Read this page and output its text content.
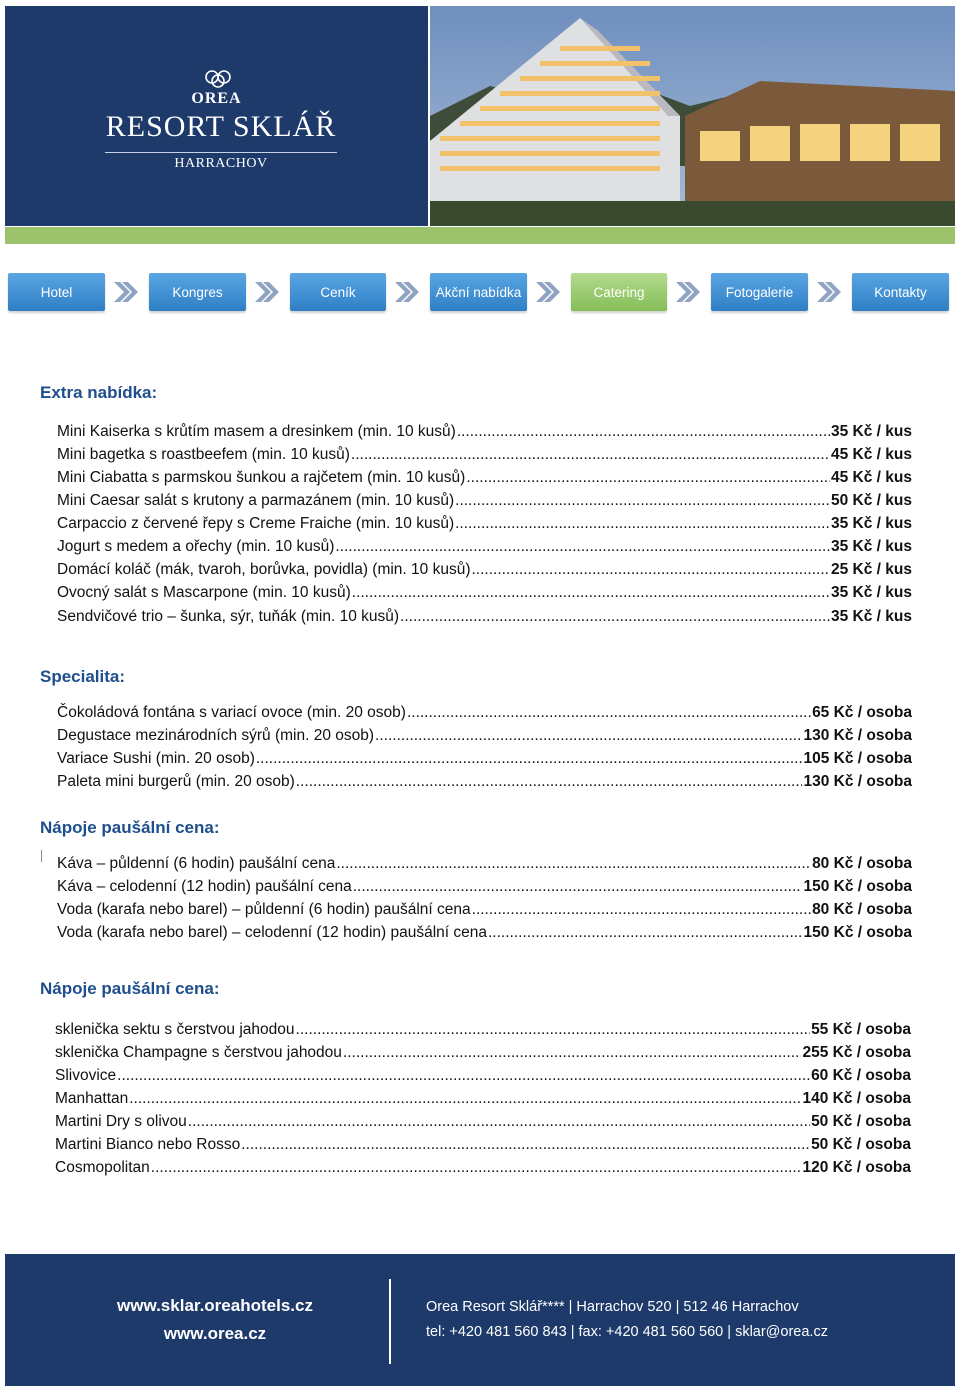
OREA
RESORT SKLÁŘ
HARRACHOV
Hotel	Kongres	Ceník	Akční nabídka	Catering	Fotogalerie	Kontakty
Extra nabídka:
Mini Kaiserka s krůtím masem a dresinkem (min. 10 kusů) .....	35 Kč / kus
Mini bagetka s roastbeefem (min. 10 kusů) .....	45 Kč / kus
Mini Ciabatta s parmskou šunkou a rajčetem (min. 10 kusů) .....	45 Kč / kus
Mini Caesar salát s krutony a parmazánem (min. 10 kusů) .....	50 Kč / kus
Carpaccio z červené řepy s Creme Fraiche (min. 10 kusů) .....	35 Kč / kus
Jogurt s medem a ořechy (min. 10 kusů) .....	35 Kč / kus
Domácí koláč (mák, tvaroh, borůvka, povidla) (min. 10 kusů) .....	25 Kč / kus
Ovocný salát s Mascarpone (min. 10 kusů) .....	35 Kč / kus
Sendvičové trio – šunka, sýr, tuňák (min. 10 kusů) .....	35 Kč / kus
Specialita:
Čokoládová fontána s variací ovoce (min. 20 osob) .....	65 Kč / osoba
Degustace mezinárodních sýrů (min. 20 osob) .....	130 Kč / osoba
Variace Sushi (min. 20 osob) .....	105 Kč / osoba
Paleta mini burgerů (min. 20 osob) .....	130 Kč / osoba
Nápoje paušální cena:
Káva – půldenní (6 hodin) paušální cena .....	80 Kč / osoba
Káva – celodenní (12 hodin) paušální cena .....	150 Kč / osoba
Voda (karafa nebo barel) – půldenní (6 hodin) paušální cena .....	80 Kč / osoba
Voda (karafa nebo barel) – celodenní (12 hodin) paušální cena .....	150 Kč / osoba
Nápoje paušální cena:
skleničkа sektu s čerstvou jahodou .....	55 Kč / osoba
sklenička Champagne s čerstvou jahodou .....	255 Kč / osoba
Slivovice .....	60 Kč / osoba
Manhattan .....	140 Kč / osoba
Martini Dry s olivou .....	50 Kč / osoba
Martini Bianco nebo Rosso .....	50 Kč / osoba
Cosmopolitan .....	120 Kč / osoba
www.sklar.oreahotels.cz
www.orea.cz
Orea Resort Sklář**** | Harrachov 520 | 512 46 Harrachov
tel: +420 481 560 843 | fax: +420 481 560 560 | sklar@orea.cz
